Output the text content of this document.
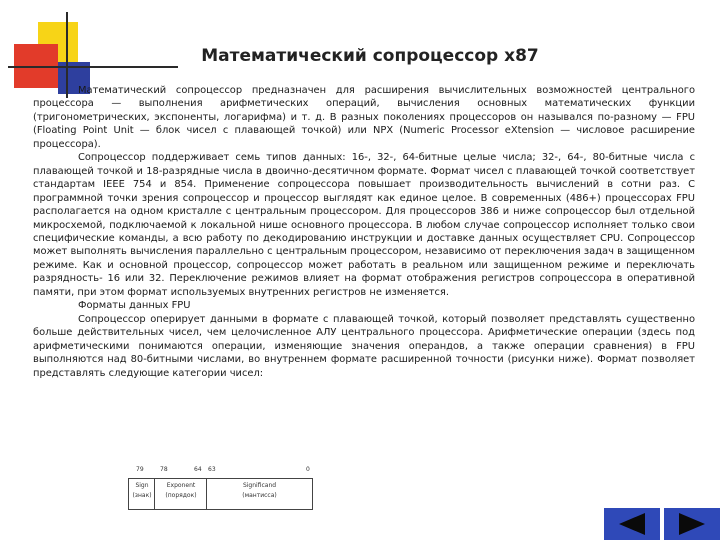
Математический сопроцессор x87

Математический сопроцессор предназначен для расширения вычислительных возможностей центрального процессора — выполнения арифметических операций, вычисления основных математических функции (тригонометрических, экспоненты, логарифма) и т. д. В разных поколениях процессоров он назывался по-разному — FPU (Floating Point Unit — блок чисел с плавающей точкой) или NPX (Numeric Processor eXtension — числовое расширение процессора).

Сопроцессор поддерживает семь типов данных: 16-, 32-, 64-битные целые числа; 32-, 64-, 80-битные числа с плавающей точкой и 18-разрядные числа в двоично-десятичном формате. Формат чисел с плавающей точкой соответствует стандартам IEEE 754 и 854. Применение сопроцессора повышает производительность вычислений в сотни раз. С программной точки зрения сопроцессор и процессор выглядят как единое целое. В современных (486+) процессорах FPU располагается на одном кристалле с центральным процессором. Для процессоров 386 и ниже сопроцессор был отдельной микросхемой, подключаемой к локальной нише основного процессора. В любом случае сопроцессор исполняет только свои специфические команды, а всю работу по декодированию инструкции и доставке данных осуществляет CPU. Сопроцессор может выполнять вычисления параллельно с центральным процессором, независимо от переключения задач в защищенном режиме. Как и основной процессор, сопроцессор может работать в реальном или защищенном режиме и переключать разрядность- 16 или 32. Переключение режимов влияет на формат отображения регистров сопроцессора в оперативной памяти, при этом формат используемых внутренних регистров не изменяется.

Форматы данных FPU

Сопроцессор оперирует данными в формате с плавающей точкой, который позволяет представлять существенно больше действительных чисел, чем целочисленное АЛУ центрального процессора. Арифметические операции (здесь под арифметическими понимаются операции, изменяющие значения операндов, а также операции сравнения) в FPU выполняются над 80-битными числами, во внутреннем формате расширенной точности (рисунки ниже). Формат позволяет представлять следующие категории чисел:

79	78	64 63	0
Sign
(знак)
Exponent
(порядок)
Significand
(мантисса)
